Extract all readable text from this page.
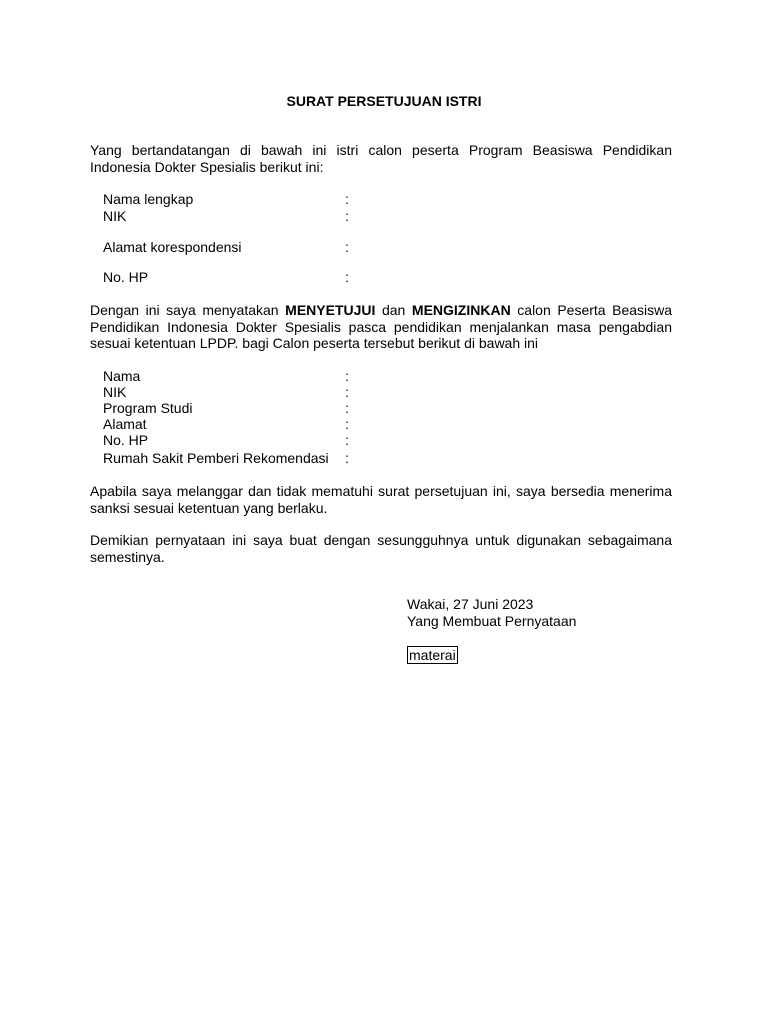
SURAT PERSETUJUAN ISTRI
Yang bertandatangan di bawah ini istri calon peserta Program Beasiswa Pendidikan Indonesia Dokter Spesialis berikut ini:
Nama lengkap	:
NIK	:
Alamat korespondensi	:
No. HP	:
Dengan ini saya menyatakan MENYETUJUI dan MENGIZINKAN calon Peserta Beasiswa Pendidikan Indonesia Dokter Spesialis pasca pendidikan menjalankan masa pengabdian sesuai ketentuan LPDP. bagi Calon peserta tersebut berikut di bawah ini
Nama	:
NIK	:
Program Studi	:
Alamat	:
No. HP	:
Rumah Sakit Pemberi Rekomendasi :
Apabila saya melanggar dan tidak mematuhi surat persetujuan ini, saya bersedia menerima sanksi sesuai ketentuan yang berlaku.
Demikian pernyataan ini saya buat dengan sesungguhnya untuk digunakan sebagaimana semestinya.
Wakai, 27 Juni 2023
Yang Membuat Pernyataan
materai
